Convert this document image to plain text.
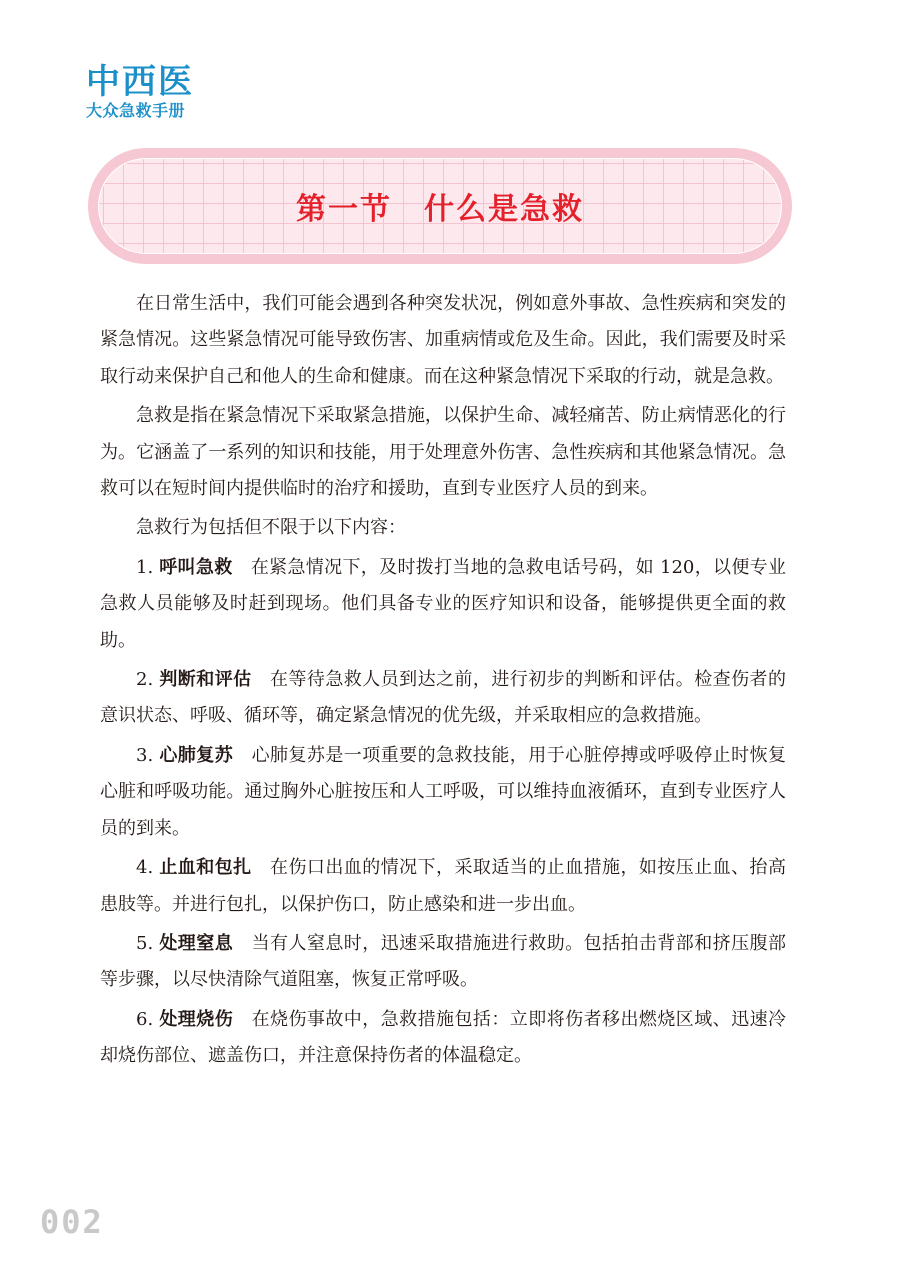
中西医
大众急救手册
第一节　什么是急救

在日常生活中，我们可能会遇到各种突发状况，例如意外事故、急性疾病和突发的紧急情况。这些紧急情况可能导致伤害、加重病情或危及生命。因此，我们需要及时采取行动来保护自己和他人的生命和健康。而在这种紧急情况下采取的行动，就是急救。

急救是指在紧急情况下采取紧急措施，以保护生命、减轻痛苦、防止病情恶化的行为。它涵盖了一系列的知识和技能，用于处理意外伤害、急性疾病和其他紧急情况。急救可以在短时间内提供临时的治疗和援助，直到专业医疗人员的到来。

急救行为包括但不限于以下内容：

1. 呼叫急救　 在紧急情况下，及时拨打当地的急救电话号码，如 120，以便专业急救人员能够及时赶到现场。他们具备专业的医疗知识和设备，能够提供更全面的救助。

2. 判断和评估　 在等待急救人员到达之前，进行初步的判断和评估。检查伤者的意识状态、呼吸、循环等，确定紧急情况的优先级，并采取相应的急救措施。

3. 心肺复苏　 心肺复苏是一项重要的急救技能，用于心脏停搏或呼吸停止时恢复心脏和呼吸功能。通过胸外心脏按压和人工呼吸，可以维持血液循环，直到专业医疗人员的到来。

4. 止血和包扎　 在伤口出血的情况下，采取适当的止血措施，如按压止血、抬高患肢等。并进行包扎，以保护伤口，防止感染和进一步出血。

5. 处理窒息　 当有人窒息时，迅速采取措施进行救助。包括拍击背部和挤压腹部等步骤，以尽快清除气道阻塞，恢复正常呼吸。

6. 处理烧伤　 在烧伤事故中，急救措施包括：立即将伤者移出燃烧区域、迅速冷却烧伤部位、遮盖伤口，并注意保持伤者的体温稳定。

002
